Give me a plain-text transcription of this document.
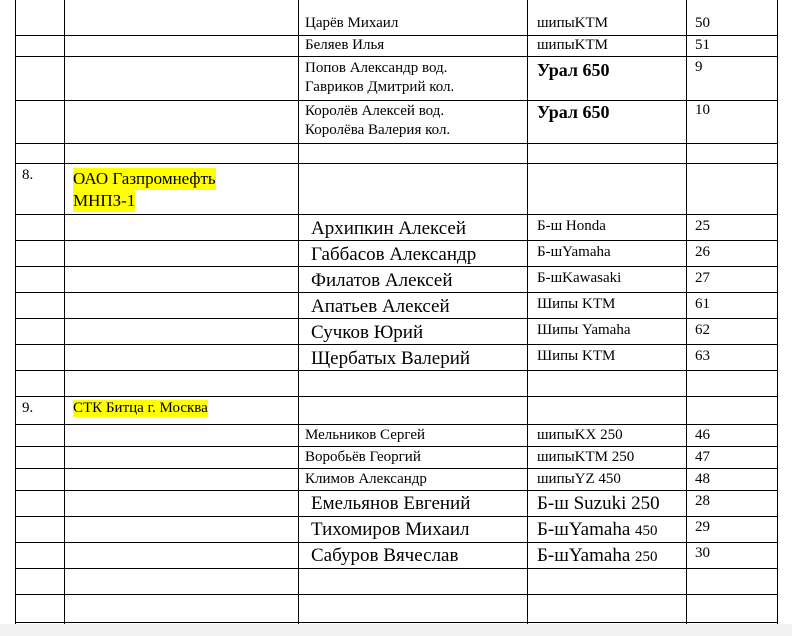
Царёв Михаил	шипыKTM	50
Беляев Илья	шипыKTM	51
Попов Александр вод.
Гавриков Дмитрий кол.
Урал 650	9
Королёв Алексей вод.
Королёва Валерия кол.
Урал 650	10
8. ОАО Газпромнефть
МНПЗ-1
Архипкин Алексей	Б-ш Honda	25
Габбасов Александр	Б-шYamaha	26
Филатов Алексей	Б-шKawasaki	27
Апатьев Алексей	Шипы KTM	61
Сучков Юрий	Шипы Yamaha	62
Щербатых Валерий	Шипы KTM	63
9.	СТК Битца г. Москва
Мельников Сергей	шипыKX 250	46
Воробьёв Георгий	шипыKTM 250	47
Климов Александр	шипыYZ 450	48
Емельянов Евгений	Б-ш Suzuki 250 28
Тихомиров Михаил	Б-шYamaha 450 29
Сабуров Вячеслав	Б-шYamaha 250 30
